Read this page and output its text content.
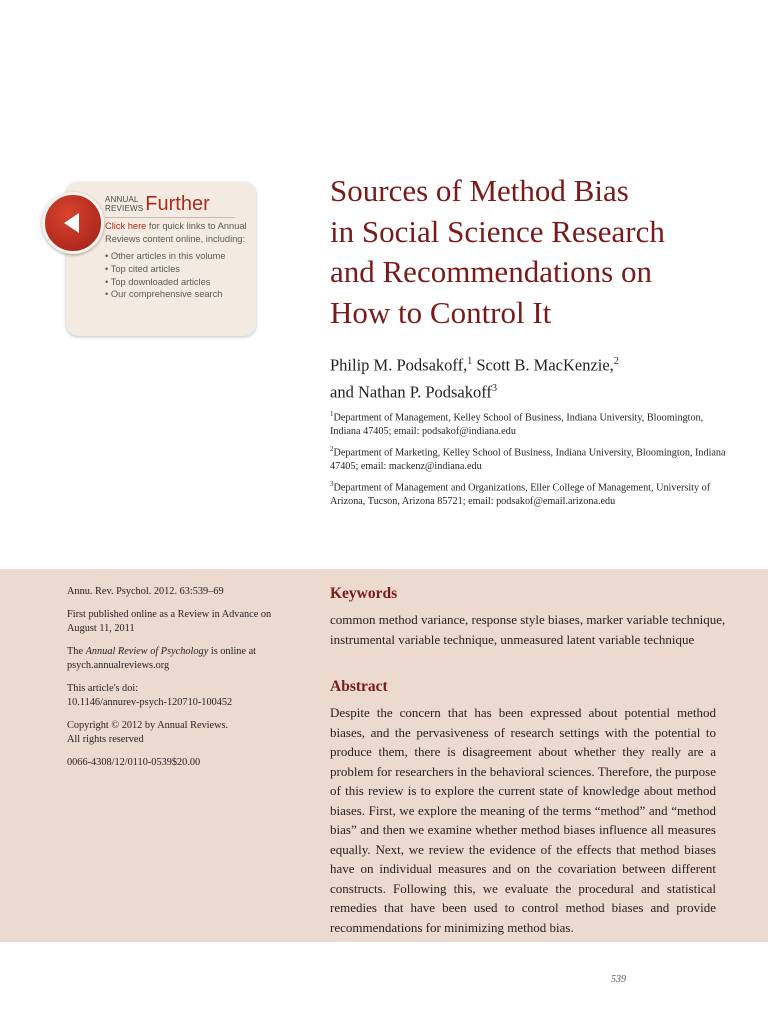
ANNUAL
REVIEWS Further

Click here for quick links to Annual Reviews content online, including:

• Other articles in this volume
• Top cited articles
• Top downloaded articles
• Our comprehensive search
Sources of Method Bias
in Social Science Research
and Recommendations on
How to Control It
Philip M. Podsakoff,$^1$ Scott B. MacKenzie,$^2$
and Nathan P. Podsakoff$^3$

$^1$Department of Management, Kelley School of Business, Indiana University, Bloomington, Indiana 47405; email: podsakof@indiana.edu

$^2$Department of Marketing, Kelley School of Business, Indiana University, Bloomington, Indiana 47405; email: mackenz@indiana.edu

$^3$Department of Management and Organizations, Eller College of Management, University of Arizona, Tucson, Arizona 85721; email: podsakof@email.arizona.edu

Annu. Rev. Psychol. 2012. 63:539–69

First published online as a Review in Advance on August 11, 2011

The Annual Review of Psychology is online at psych.annualreviews.org

This article's doi:
10.1146/annurev-psych-120710-100452

Copyright © 2012 by Annual Reviews.
All rights reserved

0066-4308/12/0110-0539$20.00

Keywords

common method variance, response style biases, marker variable technique, instrumental variable technique, unmeasured latent variable technique

Abstract

Despite the concern that has been expressed about potential method biases, and the pervasiveness of research settings with the potential to produce them, there is disagreement about whether they really are a problem for researchers in the behavioral sciences. Therefore, the purpose of this review is to explore the current state of knowledge about method biases. First, we explore the meaning of the terms “method” and “method bias” and then we examine whether method biases influence all measures equally. Next, we review the evidence of the effects that method biases have on individual measures and on the covariation between different constructs. Following this, we evaluate the procedural and statistical remedies that have been used to control method biases and provide recommendations for minimizing method bias.

539
